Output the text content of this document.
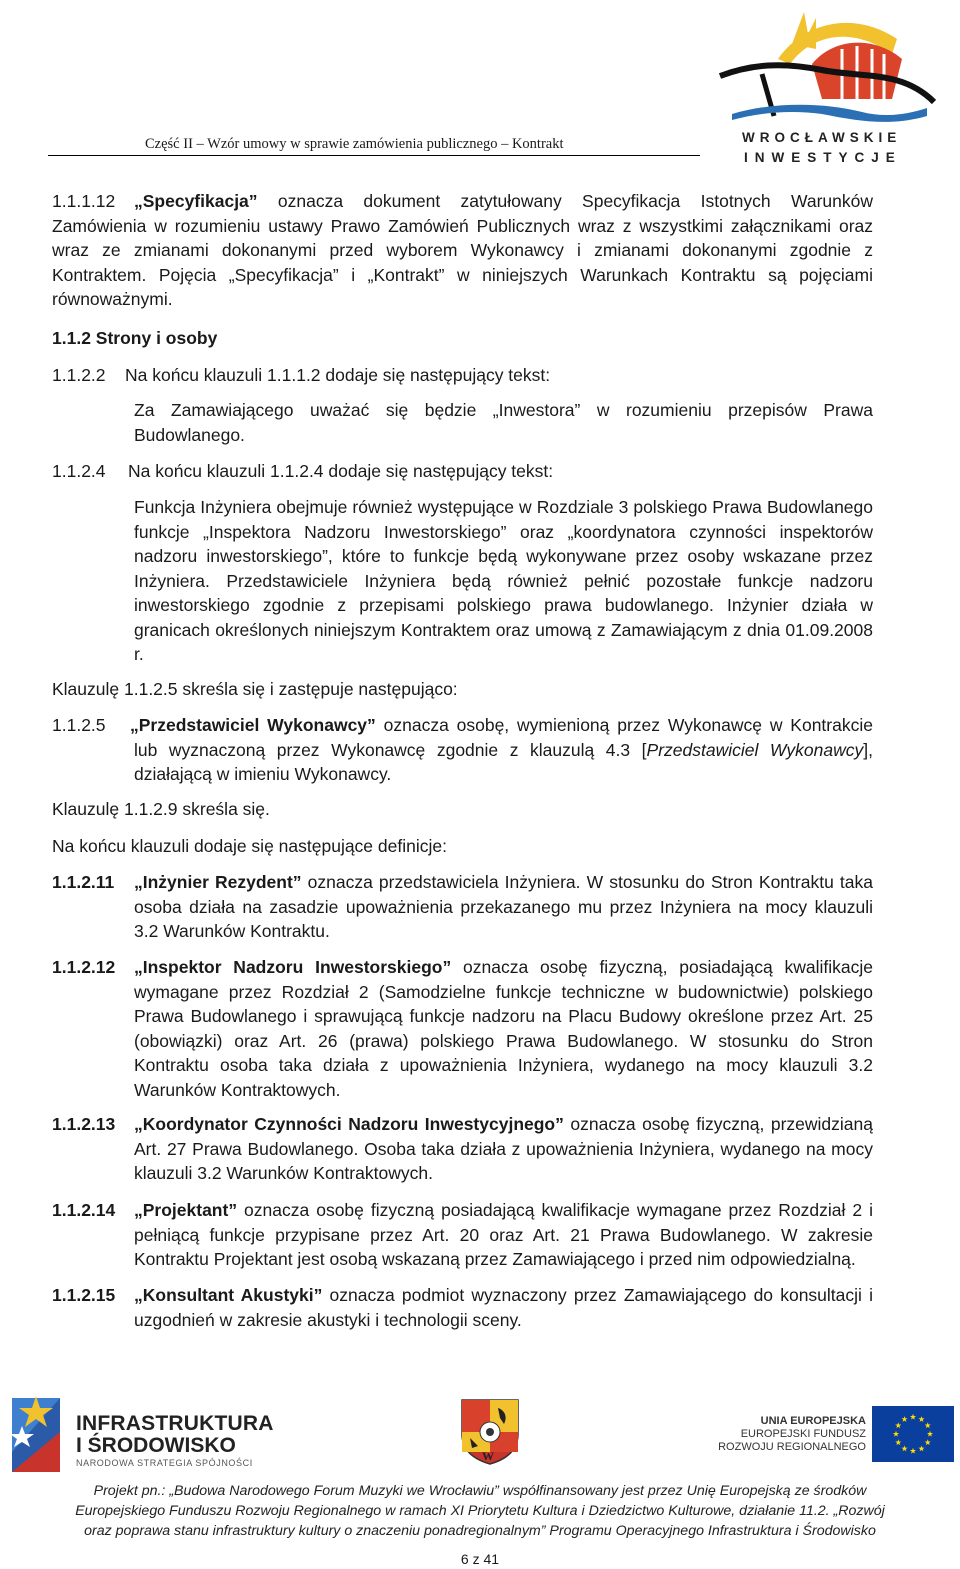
Część II – Wzór umowy w sprawie zamówienia publicznego – Kontrakt	WROCŁAWSKIE
INWESTYCJE
1.1.1.12	„Specyfikacja” oznacza dokument zatytułowany Specyfikacja Istotnych Warunków Zamówienia w rozumieniu ustawy Prawo Zamówień Publicznych wraz z wszystkimi załącznikami oraz wraz ze zmianami dokonanymi przed wyborem Wykonawcy i zmianami dokonanymi zgodnie z Kontraktem. Pojęcia „Specyfikacja” i „Kontrakt” w niniejszych Warunkach Kontraktu są pojęciami równoważnymi.
1.1.2 Strony i osoby
1.1.2.2 Na końcu klauzuli 1.1.1.2 dodaje się następujący tekst:
Za Zamawiającego uważać się będzie „Inwestora” w rozumieniu przepisów Prawa Budowlanego.
1.1.2.4 Na końcu klauzuli 1.1.2.4 dodaje się następujący tekst:
Funkcja Inżyniera obejmuje również występujące w Rozdziale 3 polskiego Prawa Budowlanego funkcje „Inspektora Nadzoru Inwestorskiego” oraz „koordynatora czynności inspektorów nadzoru inwestorskiego”, które to funkcje będą wykonywane przez osoby wskazane przez Inżyniera. Przedstawiciele Inżyniera będą również pełnić pozostałe funkcje nadzoru inwestorskiego zgodnie z przepisami polskiego prawa budowlanego. Inżynier działa w granicach określonych niniejszym Kontraktem oraz umową z Zamawiającym z dnia 01.09.2008 r.
Klauzulę 1.1.2.5 skreśla się i zastępuje następująco:
1.1.2.5 „Przedstawiciel Wykonawcy” oznacza osobę, wymienioną przez Wykonawcę w Kontrakcie lub wyznaczoną przez Wykonawcę zgodnie z klauzulą 4.3 [Przedstawiciel Wykonawcy], działającą w imieniu Wykonawcy.
Klauzulę 1.1.2.9 skreśla się.
Na końcu klauzuli dodaje się następujące definicje:
1.1.2.11 „Inżynier Rezydent” oznacza przedstawiciela Inżyniera. W stosunku do Stron Kontraktu taka osoba działa na zasadzie upoważnienia przekazanego mu przez Inżyniera na mocy klauzuli 3.2 Warunków Kontraktu.
1.1.2.12 „Inspektor Nadzoru Inwestorskiego” oznacza osobę fizyczną, posiadającą kwalifikacje wymagane przez Rozdział 2 (Samodzielne funkcje techniczne w budownictwie) polskiego Prawa Budowlanego i sprawującą funkcje nadzoru na Placu Budowy określone przez Art. 25 (obowiązki) oraz Art. 26 (prawa) polskiego Prawa Budowlanego. W stosunku do Stron Kontraktu osoba taka działa z upoważnienia Inżyniera, wydanego na mocy klauzuli 3.2 Warunków Kontraktowych.
1.1.2.13 „Koordynator Czynności Nadzoru Inwestycyjnego” oznacza osobę fizyczną, przewidzianą Art. 27 Prawa Budowlanego. Osoba taka działa z upoważnienia Inżyniera, wydanego na mocy klauzuli 3.2 Warunków Kontraktowych.
1.1.2.14 „Projektant” oznacza osobę fizyczną posiadającą kwalifikacje wymagane przez Rozdział 2 i pełniącą funkcje przypisane przez Art. 20 oraz Art. 21 Prawa Budowlanego. W zakresie Kontraktu Projektant jest osobą wskazaną przez Zamawiającego i przed nim odpowiedzialną.
1.1.2.15 „Konsultant Akustyki” oznacza podmiot wyznaczony przez Zamawiającego do konsultacji i uzgodnień w zakresie akustyki i technologii sceny.
INFRASTRUKTURA
I ŚRODOWISKO
NARODOWA STRATEGIA SPÓJNOŚCI	W
UNIA EUROPEJSKA
EUROPEJSKI FUNDUSZ
ROZWOJU REGIONALNEGO
Projekt pn.: „Budowa Narodowego Forum Muzyki we Wrocławiu” współfinansowany jest przez Unię Europejską ze środków
Europejskiego Funduszu Rozwoju Regionalnego w ramach XI Priorytetu Kultura i Dziedzictwo Kulturowe, działanie 11.2. „Rozwój
oraz poprawa stanu infrastruktury kultury o znaczeniu ponadregionalnym” Programu Operacyjnego Infrastruktura i Środowisko
6 z 41
